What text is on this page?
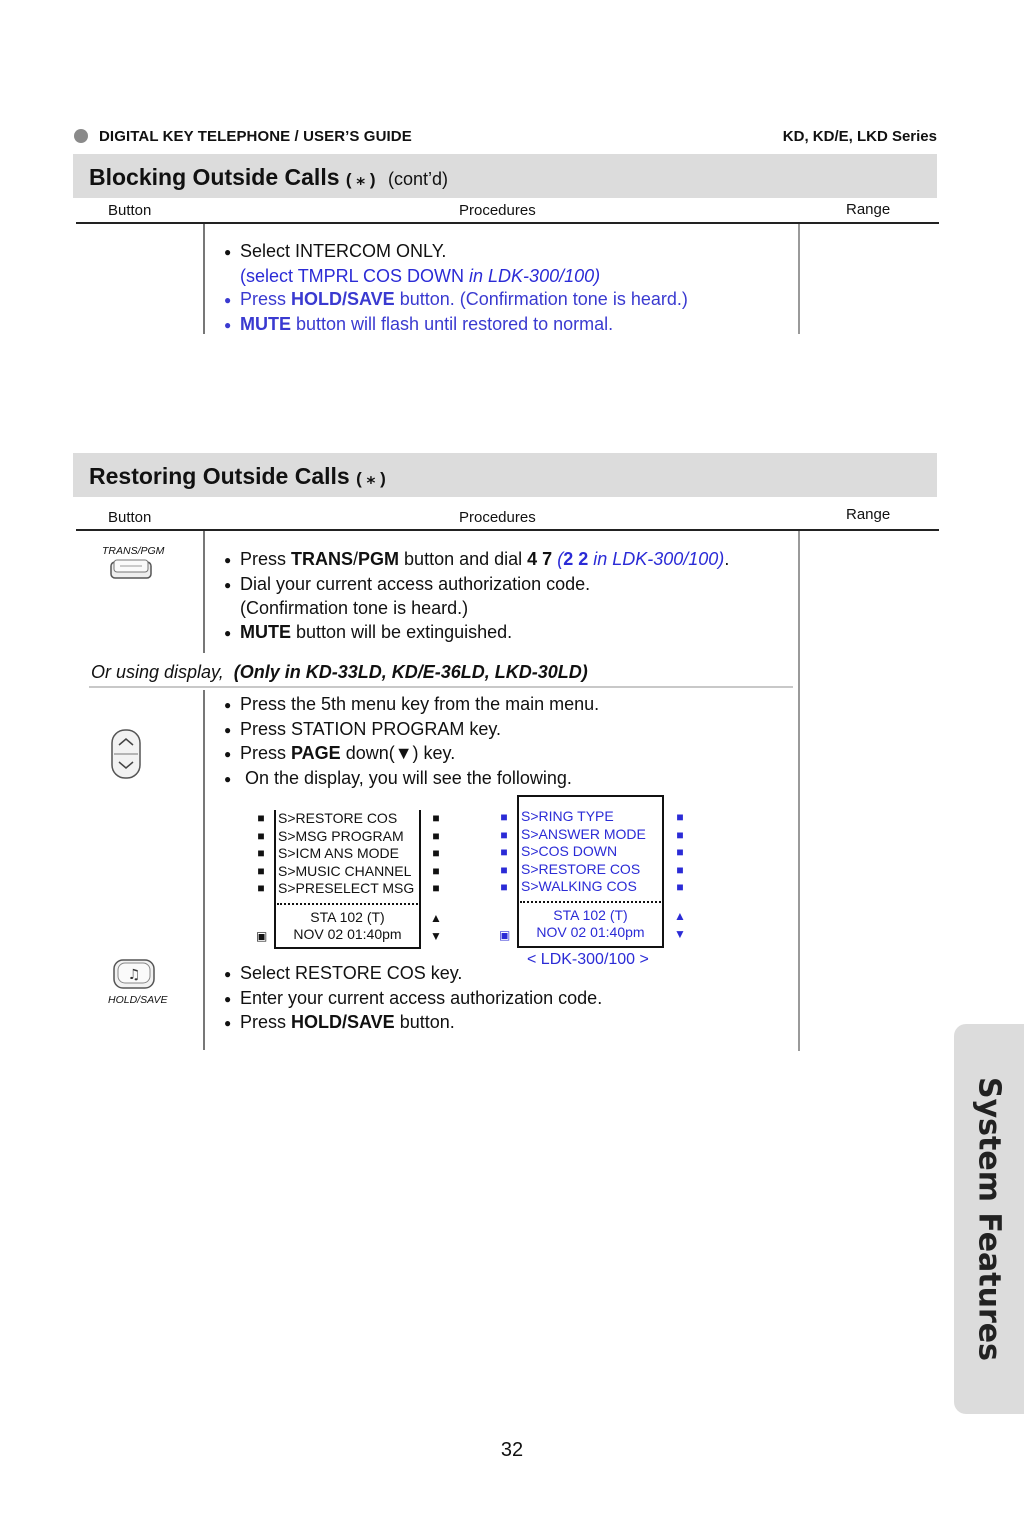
DIGITAL KEY TELEPHONE / USER’S GUIDE	KD, KD/E, LKD Series
Blocking Outside Calls ( ⁎ ) (cont’d)
Button	Procedures	Range
● Select INTERCOM ONLY.
(select TMPRL COS DOWN in LDK-300/100)
● Press HOLD/SAVE button. (Confirmation tone is heard.)
● MUTE button will flash until restored to normal.
Restoring Outside Calls ( ⁎ )
Button	Procedures	Range
TRANS/PGM
● Press TRANS/PGM button and dial 4 7 (2 2 in LDK-300/100).
● Dial your current access authorization code.
(Confirmation tone is heard.)
● MUTE button will be extinguished.
Or using display, (Only in KD-33LD, KD/E-36LD, LKD-30LD)
● Press the 5th menu key from the main menu.
● Press STATION PROGRAM key.
● Press PAGE down(▼) key.
● On the display, you will see the following.
■
■
■
■
■
S>RESTORE COS
S>MSG PROGRAM
S>ICM ANS MODE
S>MUSIC CHANNEL
S>PRESELECT MSG
STA 102 (T)
NOV 02 01:40pm
■
■
■
■
■
▣
▲
▼
■
■
■
■
■
S>RING TYPE
S>ANSWER MODE
S>COS DOWN
S>RESTORE COS
S>WALKING COS
STA 102 (T)
NOV 02 01:40pm
■
■
■
■
■
▣
▲
▼
< LDK-300/100 >
♫
HOLD/SAVE
● Select RESTORE COS key.
● Enter your current access authorization code.
● Press HOLD/SAVE button.
System Features
32
